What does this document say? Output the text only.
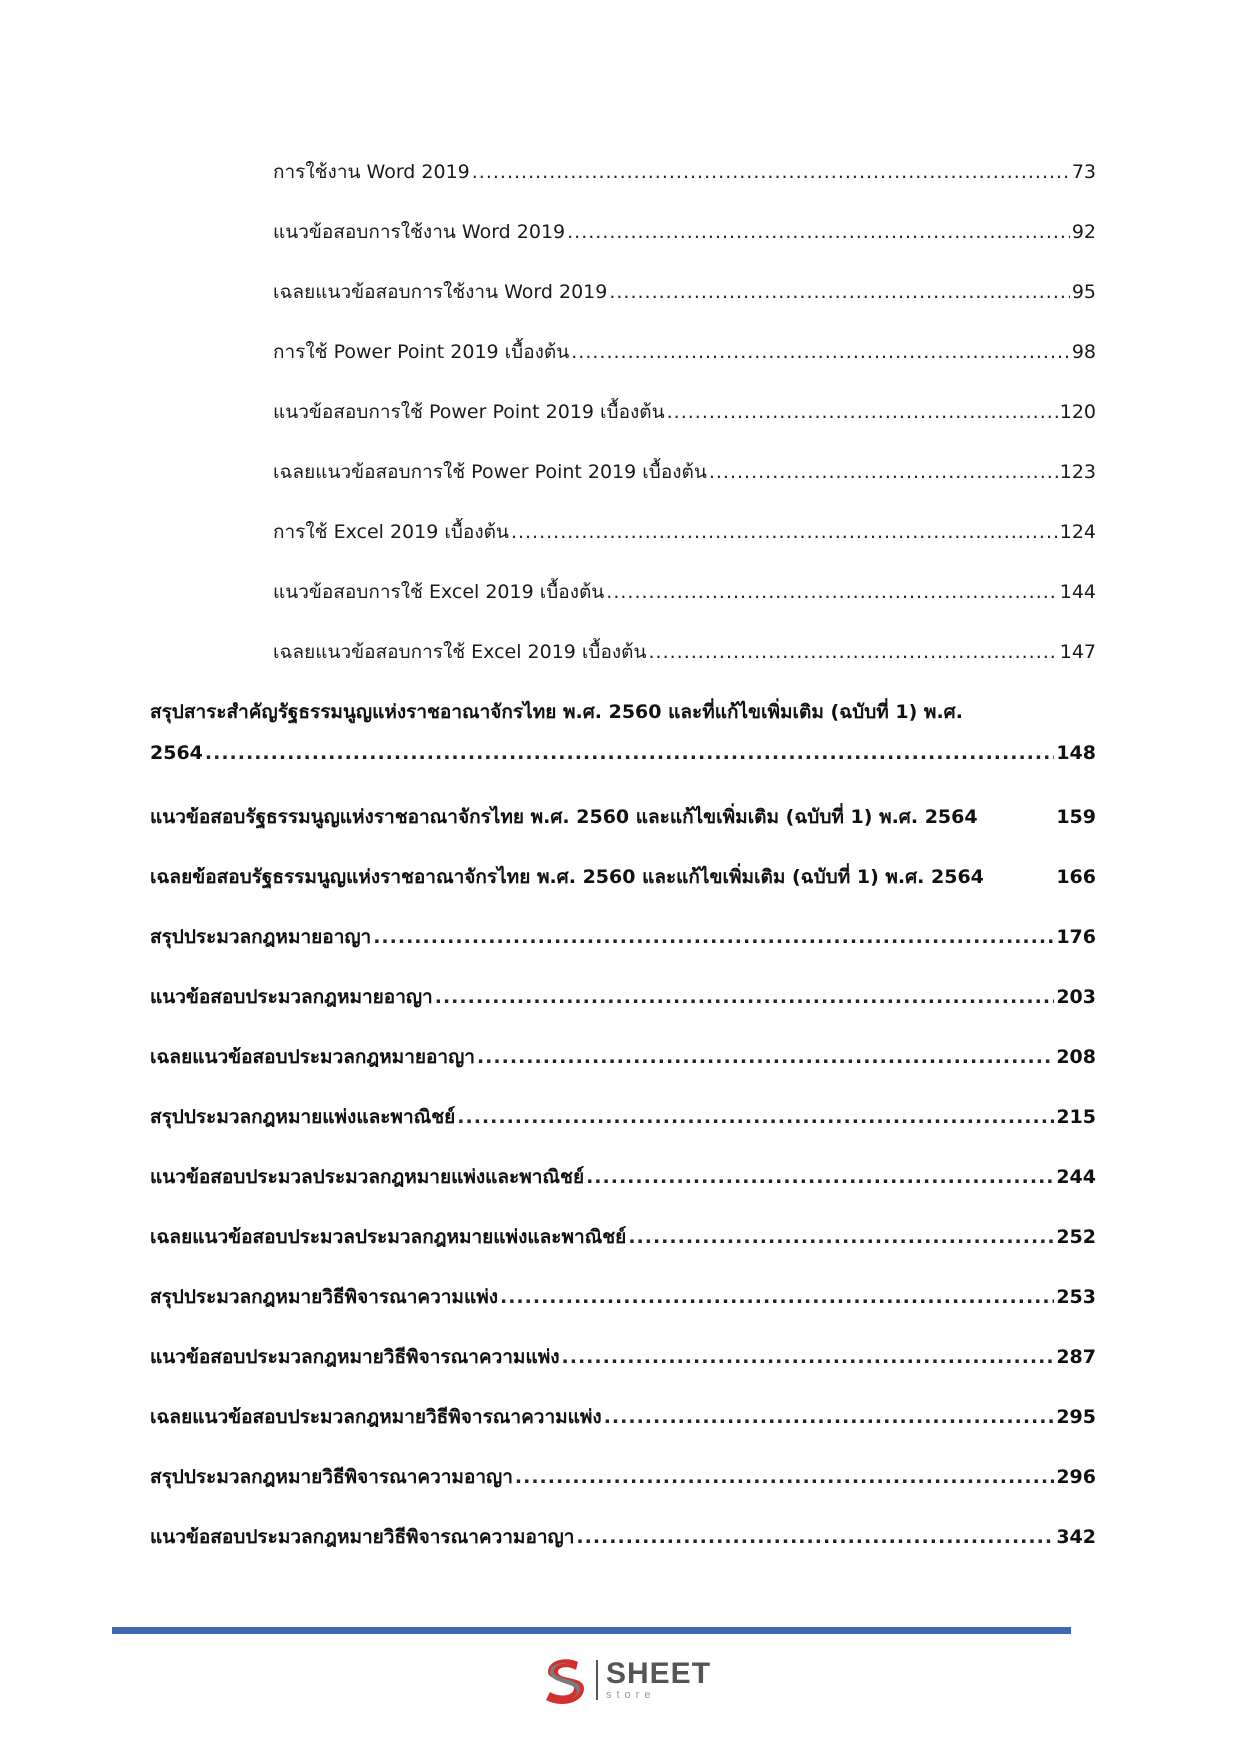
การใช้งาน Word 2019 .....	73
แนวข้อสอบการใช้งาน Word 2019 .....	92
เฉลยแนวข้อสอบการใช้งาน Word 2019 .....	95
การใช้ Power Point 2019 เบื้องต้น .....	98
แนวข้อสอบการใช้ Power Point 2019 เบื้องต้น .....	120
เฉลยแนวข้อสอบการใช้ Power Point 2019 เบื้องต้น .....	123
การใช้ Excel 2019 เบื้องต้น .....	124
แนวข้อสอบการใช้ Excel 2019 เบื้องต้น .....	144
เฉลยแนวข้อสอบการใช้ Excel 2019 เบื้องต้น .....	147
สรุปสาระสำคัญรัฐธรรมนูญแห่งราชอาณาจักรไทย พ.ศ. 2560 และที่แก้ไขเพิ่มเติม (ฉบับที่ 1) พ.ศ.
2564 .....	148
แนวข้อสอบรัฐธรรมนูญแห่งราชอาณาจักรไทย พ.ศ. 2560 และแก้ไขเพิ่มเติม (ฉบับที่ 1) พ.ศ. 2564	159
เฉลยข้อสอบรัฐธรรมนูญแห่งราชอาณาจักรไทย พ.ศ. 2560 และแก้ไขเพิ่มเติม (ฉบับที่ 1) พ.ศ. 2564	166
สรุปประมวลกฎหมายอาญา .....	176
แนวข้อสอบประมวลกฎหมายอาญา .....	203
เฉลยแนวข้อสอบประมวลกฎหมายอาญา .....	208
สรุปประมวลกฎหมายแพ่งและพาณิชย์ .....	215
แนวข้อสอบประมวลประมวลกฎหมายแพ่งและพาณิชย์ .....	244
เฉลยแนวข้อสอบประมวลประมวลกฎหมายแพ่งและพาณิชย์ .....	252
สรุปประมวลกฎหมายวิธีพิจารณาความแพ่ง .....	253
แนวข้อสอบประมวลกฎหมายวิธีพิจารณาความแพ่ง .....	287
เฉลยแนวข้อสอบประมวลกฎหมายวิธีพิจารณาความแพ่ง .....	295
สรุปประมวลกฎหมายวิธีพิจารณาความอาญา .....	296
แนวข้อสอบประมวลกฎหมายวิธีพิจารณาความอาญา .....	342
SHEET
store
